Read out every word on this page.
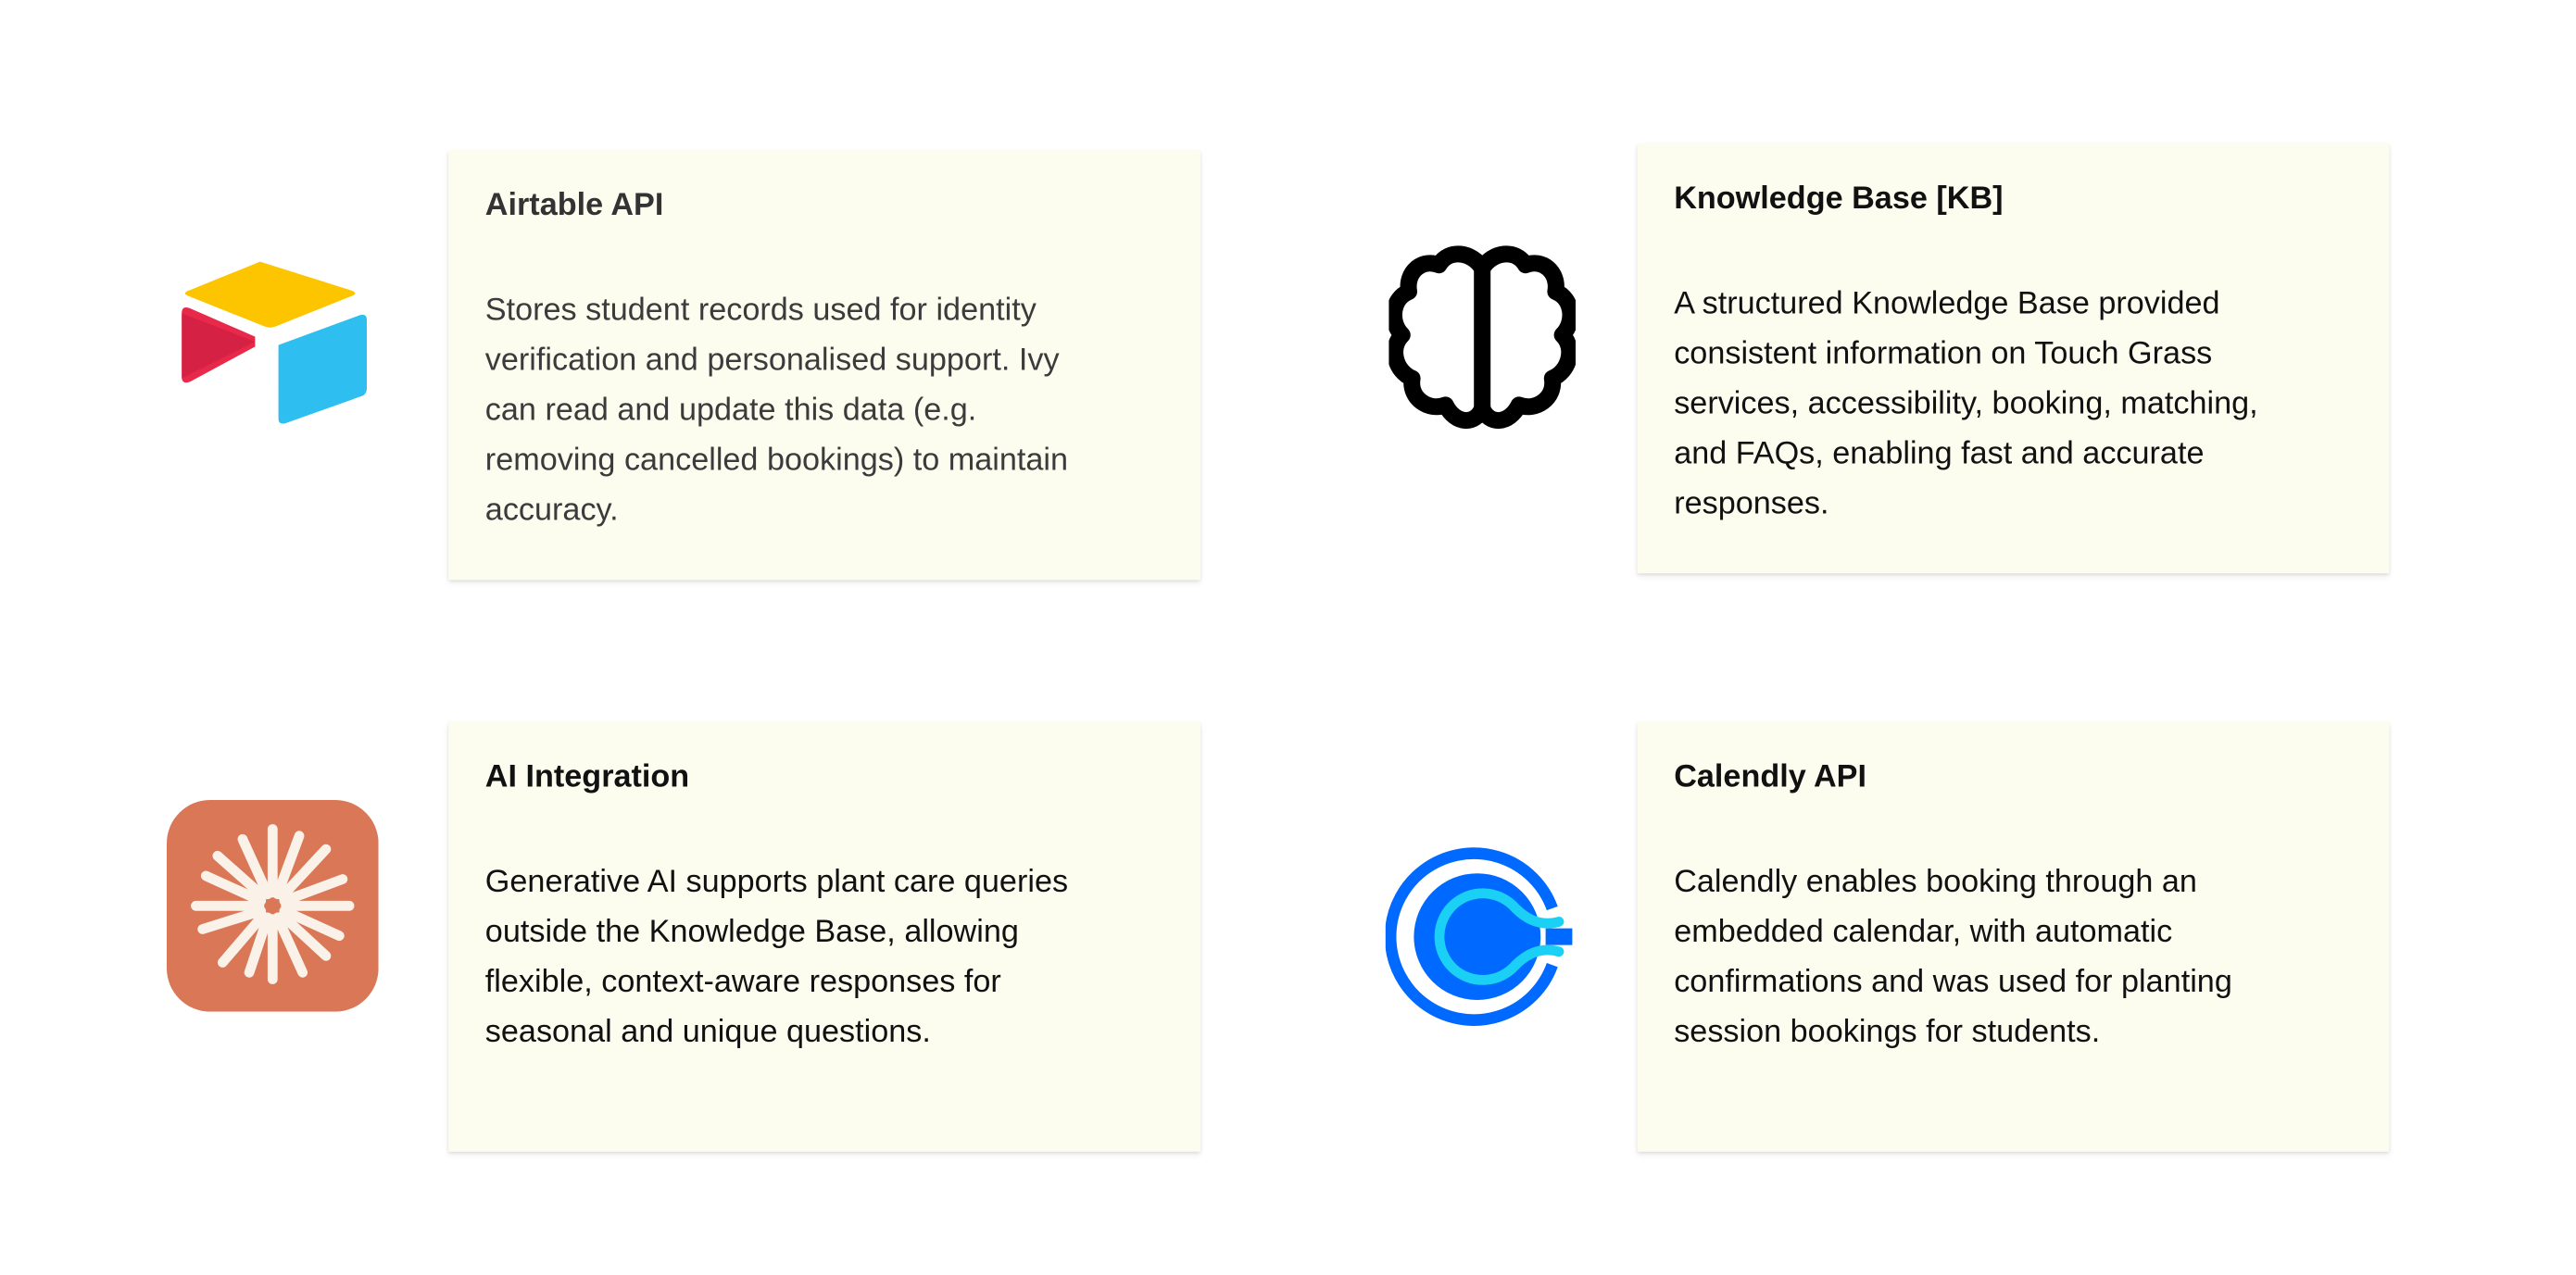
Airtable API
Stores student records used for identity
verification and personalised support. Ivy
can read and update this data (e.g.
removing cancelled bookings) to maintain
accuracy.
Knowledge Base [KB]
A structured Knowledge Base provided
consistent information on Touch Grass
services, accessibility, booking, matching,
and FAQs, enabling fast and accurate
responses.
AI Integration
Generative AI supports plant care queries
outside the Knowledge Base, allowing
flexible, context-aware responses for
seasonal and unique questions.
Calendly API
Calendly enables booking through an
embedded calendar, with automatic
confirmations and was used for planting
session bookings for students.
